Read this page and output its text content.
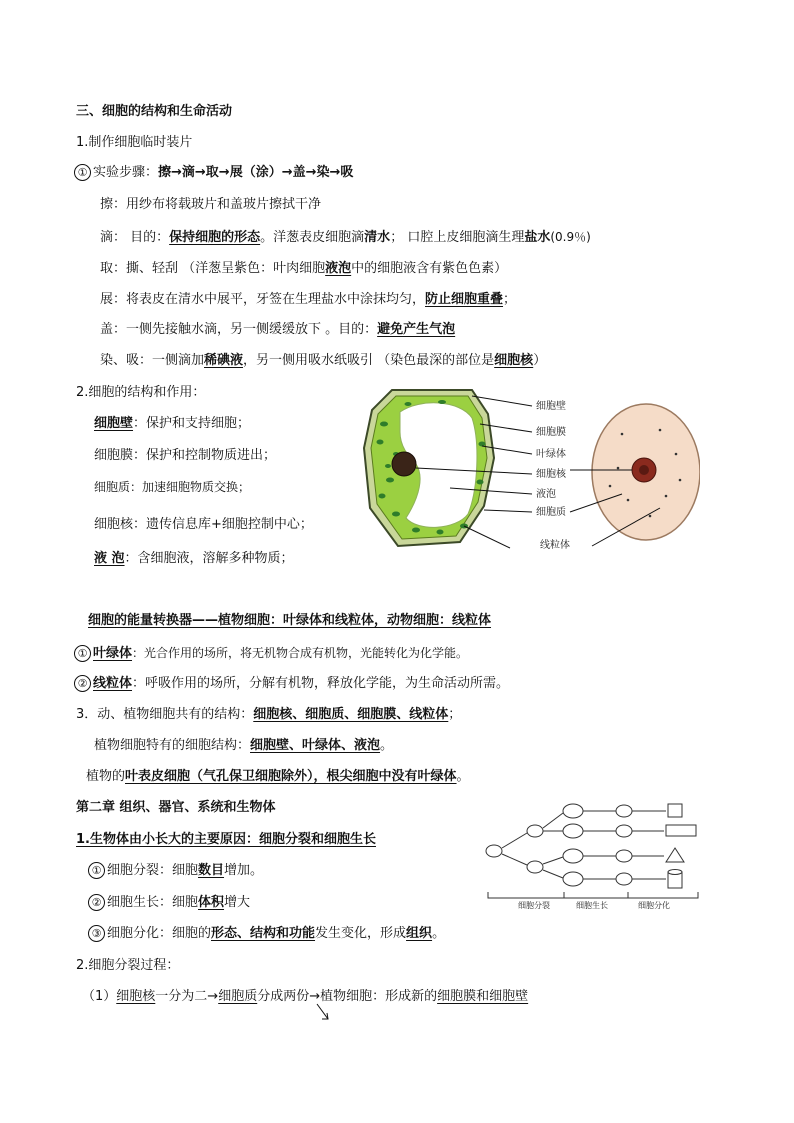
三、细胞的结构和生命活动
1.制作细胞临时装片
① 实验步骤：擦→滴→取→展（涂）→盖→染→吸
擦：用纱布将载玻片和盖玻片擦拭干净
滴： 目的：保持细胞的形态。洋葱表皮细胞滴清水； 口腔上皮细胞滴生理盐水(0.9％)
取：撕、轻刮 （洋葱呈紫色：叶肉细胞液泡中的细胞液含有紫色色素）
展：将表皮在清水中展平，牙签在生理盐水中涂抹均匀，防止细胞重叠；
盖：一侧先接触水滴，另一侧缓缓放下 。目的：避免产生气泡
染、吸：一侧滴加稀碘液，另一侧用吸水纸吸引 （染色最深的部位是细胞核）
2.细胞的结构和作用：
细胞壁：保护和支持细胞；
细胞膜：保护和控制物质进出；
细胞质：加速细胞物质交换；
细胞核：遗传信息库+细胞控制中心；
液 泡：含细胞液，溶解多种物质；
细胞壁
细胞膜
叶绿体
细胞核
液泡
细胞质
线粒体
细胞的能量转换器——植物细胞：叶绿体和线粒体，动物细胞：线粒体
① 叶绿体：光合作用的场所，将无机物合成有机物，光能转化为化学能。
② 线粒体：呼吸作用的场所，分解有机物，释放化学能，为生命活动所需。
3．动、植物细胞共有的结构：细胞核、细胞质、细胞膜、线粒体；
植物细胞特有的细胞结构：细胞壁、叶绿体、液泡。
植物的叶表皮细胞（气孔保卫细胞除外），根尖细胞中没有叶绿体。
第二章 组织、器官、系统和生物体
1.生物体由小长大的主要原因：细胞分裂和细胞生长
① 细胞分裂：细胞数目增加。
② 细胞生长：细胞体积增大
③ 细胞分化：细胞的形态、结构和功能发生变化，形成组织。
细胞分裂	细胞生长	细胞分化
2.细胞分裂过程：
（1）细胞核一分为二→细胞质分成两份→植物细胞：形成新的细胞膜和细胞壁
